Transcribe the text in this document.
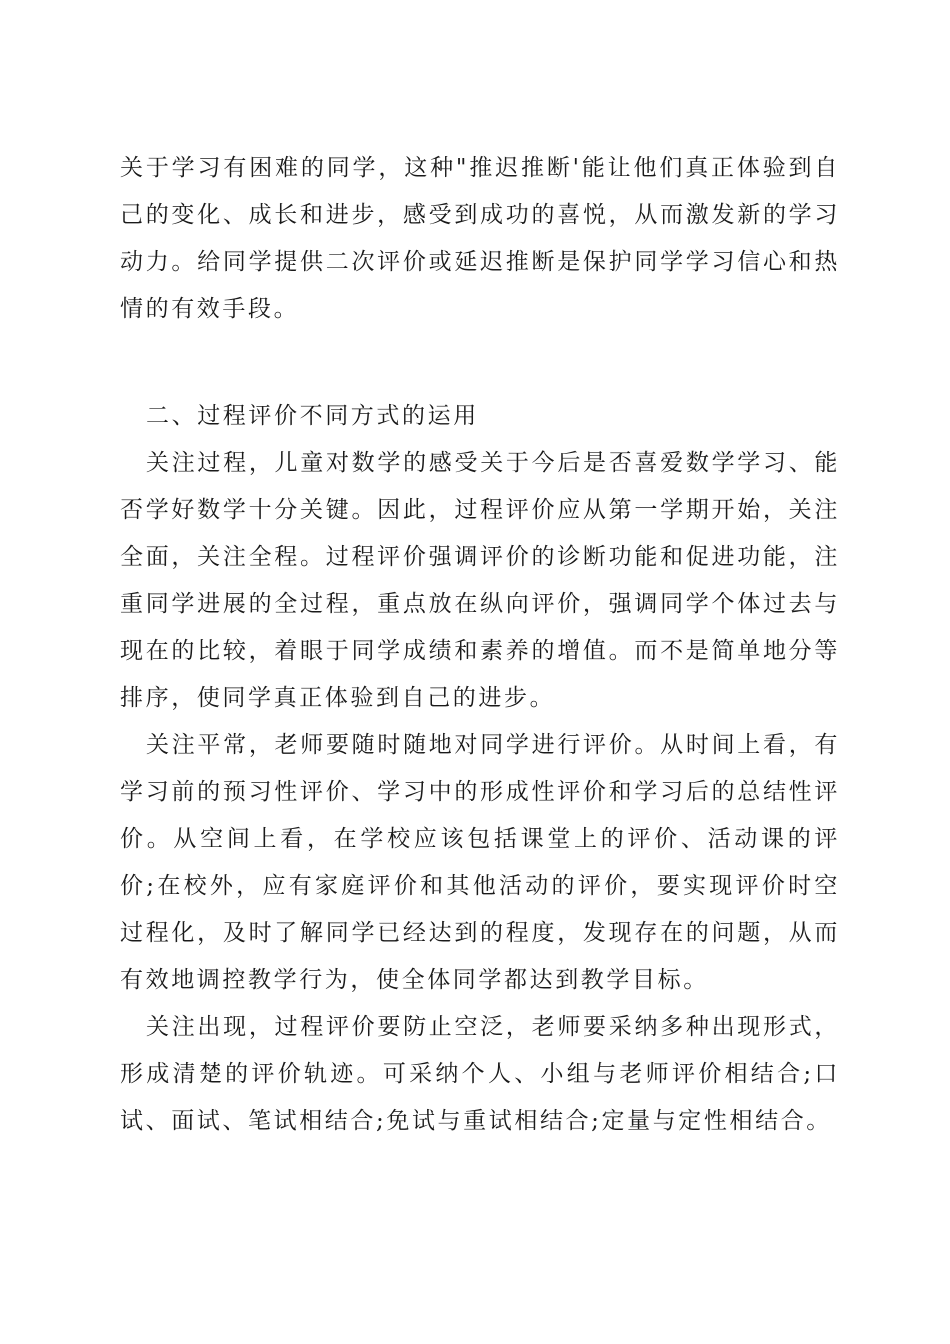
关于学习有困难的同学，这种"推迟推断'能让他们真正体验到自己的变化、成长和进步，感受到成功的喜悦，从而激发新的学习动力。给同学提供二次评价或延迟推断是保护同学学习信心和热情的有效手段。

二、过程评价不同方式的运用

关注过程，儿童对数学的感受关于今后是否喜爱数学学习、能否学好数学十分关键。因此，过程评价应从第一学期开始，关注全面，关注全程。过程评价强调评价的诊断功能和促进功能，注重同学进展的全过程，重点放在纵向评价，强调同学个体过去与现在的比较，着眼于同学成绩和素养的增值。而不是简单地分等排序，使同学真正体验到自己的进步。

关注平常，老师要随时随地对同学进行评价。从时间上看，有学习前的预习性评价、学习中的形成性评价和学习后的总结性评价。从空间上看，在学校应该包括课堂上的评价、活动课的评价;在校外，应有家庭评价和其他活动的评价，要实现评价时空过程化，及时了解同学已经达到的程度，发现存在的问题，从而有效地调控教学行为，使全体同学都达到教学目标。

关注出现，过程评价要防止空泛，老师要采纳多种出现形式，形成清楚的评价轨迹。可采纳个人、小组与老师评价相结合;口试、面试、笔试相结合;免试与重试相结合;定量与定性相结合。
